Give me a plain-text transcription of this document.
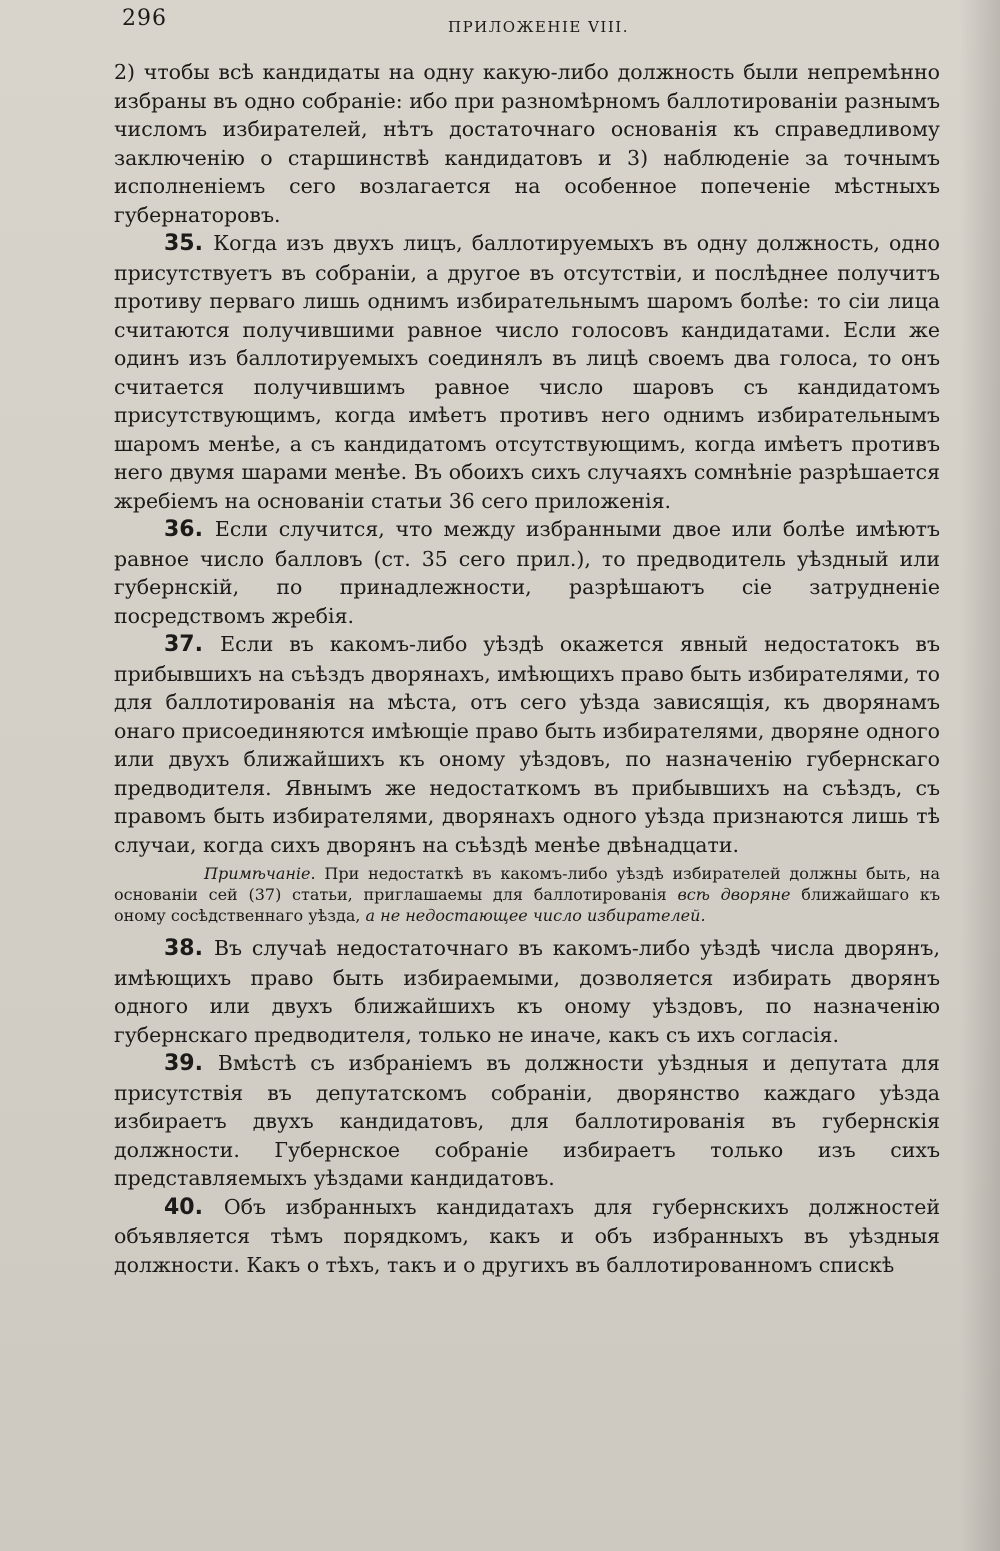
296	ПРИЛОЖЕНІЕ VIII.

2) чтобы всѣ кандидаты на одну какую-либо должность были непремѣнно избраны въ одно собраніе: ибо при разномѣрномъ баллотированіи разнымъ числомъ избирателей, нѣтъ достаточнаго основанія къ справедливому заключенію о старшинствѣ кандидатовъ и 3) наблюденіе за точнымъ исполненіемъ сего возлагается на особенное попеченіе мѣстныхъ губернаторовъ.

35. Когда изъ двухъ лицъ, баллотируемыхъ въ одну должность, одно присутствуетъ въ собраніи, а другое въ отсутствіи, и послѣднее получитъ противу перваго лишь однимъ избирательнымъ шаромъ болѣе: то сіи лица считаются получившими равное число голосовъ кандидатами. Если же одинъ изъ баллотируемыхъ соединялъ въ лицѣ своемъ два голоса, то онъ считается получившимъ равное число шаровъ съ кандидатомъ присутствующимъ, когда имѣетъ противъ него однимъ избирательнымъ шаромъ менѣе, а съ кандидатомъ отсутствующимъ, когда имѣетъ противъ него двумя шарами менѣе. Въ обоихъ сихъ случаяхъ сомнѣніе разрѣшается жребіемъ на основаніи статьи 36 сего приложенія.

36. Если случится, что между избранными двое или болѣе имѣютъ равное число балловъ (ст. 35 сего прил.), то предводитель уѣздный или губернскій, по принадлежности, разрѣшаютъ сіе затрудненіе посредствомъ жребія.

37. Если въ какомъ-либо уѣздѣ окажется явный недостатокъ въ прибывшихъ на съѣздъ дворянахъ, имѣющихъ право быть избирателями, то для баллотированія на мѣста, отъ сего уѣзда зависящія, къ дворянамъ онаго присоединяются имѣющіе право быть избирателями, дворяне одного или двухъ ближайшихъ къ оному уѣздовъ, по назначенію губернскаго предводителя. Явнымъ же недостаткомъ въ прибывшихъ на съѣздъ, съ правомъ быть избирателями, дворянахъ одного уѣзда признаются лишь тѣ случаи, когда сихъ дворянъ на съѣздѣ менѣе двѣнадцати.

Примѣчаніе. При недостаткѣ въ какомъ-либо уѣздѣ избирателей должны быть, на основаніи сей (37) статьи, приглашаемы для баллотированія всѣ дворяне ближайшаго къ оному сосѣдственнаго уѣзда, а не недостающее число избирателей.

38. Въ случаѣ недостаточнаго въ какомъ-либо уѣздѣ числа дворянъ, имѣющихъ право быть избираемыми, дозволяется избирать дворянъ одного или двухъ ближайшихъ къ оному уѣздовъ, по назначенію губернскаго предводителя, только не иначе, какъ съ ихъ согласія.

39. Вмѣстѣ съ избраніемъ въ должности уѣздныя и депутата для присутствія въ депутатскомъ собраніи, дворянство каждаго уѣзда избираетъ двухъ кандидатовъ, для баллотированія въ губернскія должности. Губернское собраніе избираетъ только изъ сихъ представляемыхъ уѣздами кандидатовъ.

40. Объ избранныхъ кандидатахъ для губернскихъ должностей объявляется тѣмъ порядкомъ, какъ и объ избранныхъ въ уѣздныя должности. Какъ о тѣхъ, такъ и о другихъ въ баллотированномъ спискѣ
